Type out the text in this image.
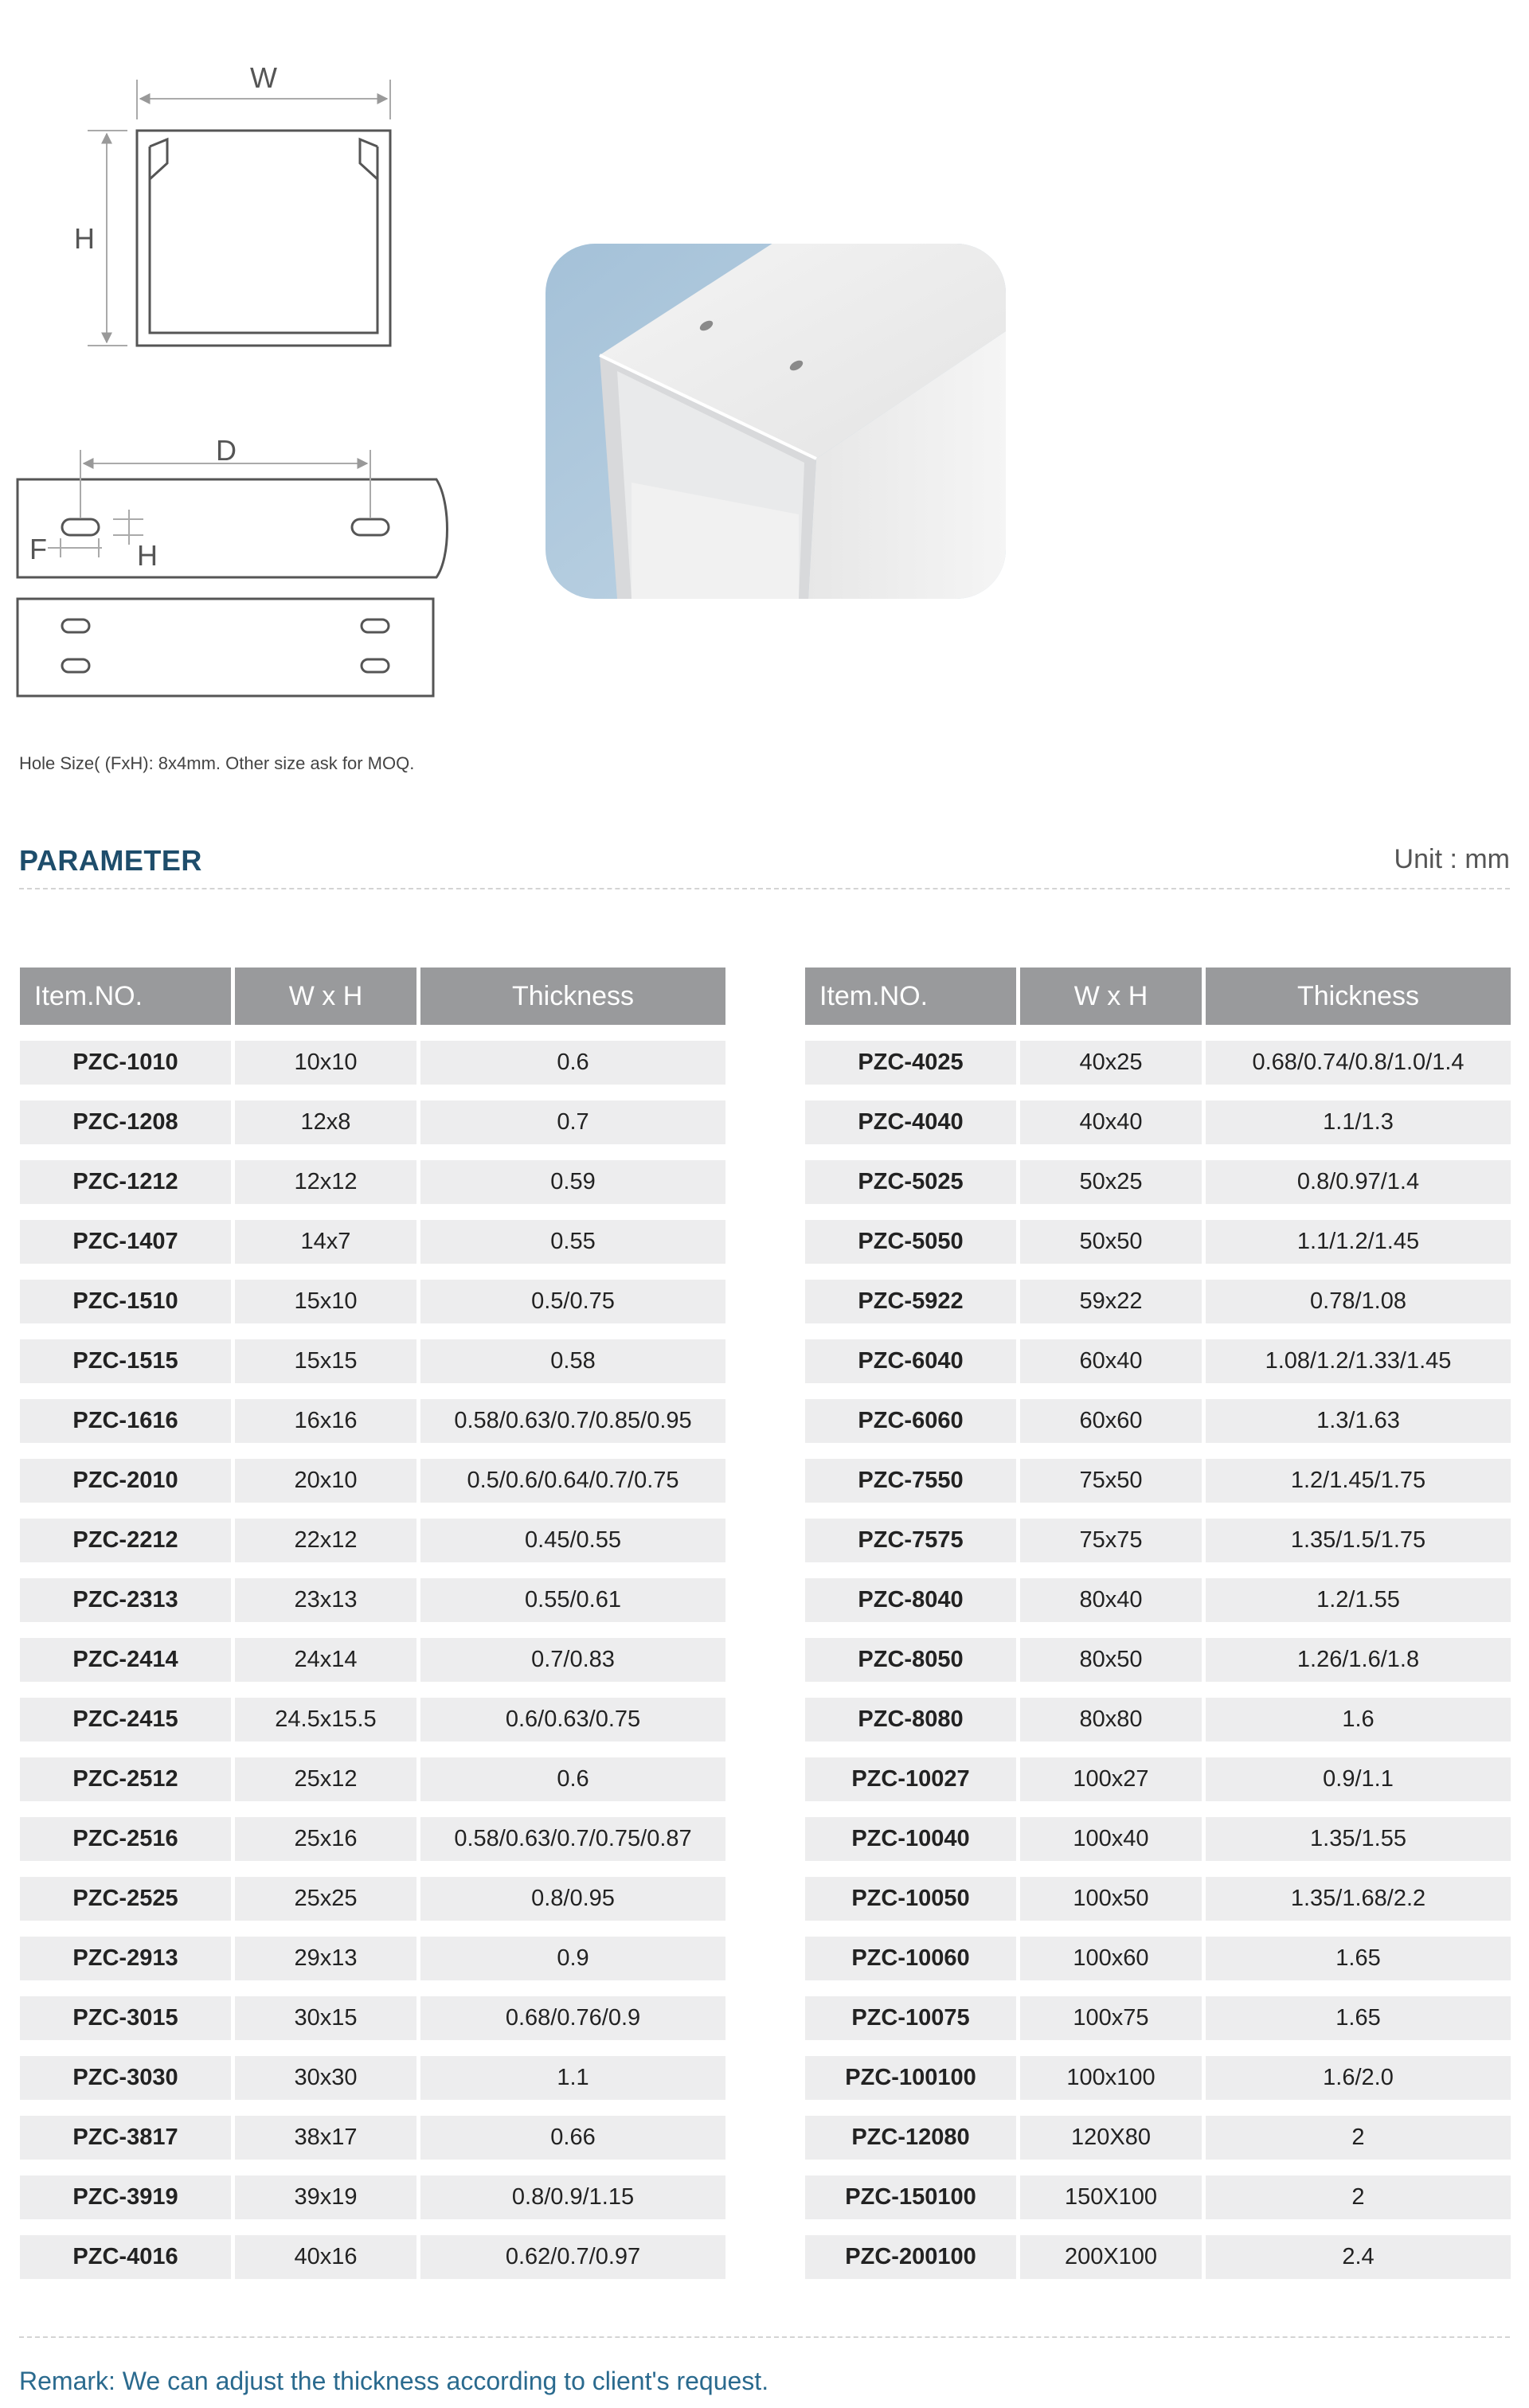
W
H
D
F	H
Hole Size( (FxH): 8x4mm. Other size ask for MOQ.
PARAMETER	Unit : mm
Item.NO.	W x H	Thickness
PZC-1010	10x10	0.6
PZC-1208	12x8	0.7
PZC-1212	12x12	0.59
PZC-1407	14x7	0.55
PZC-1510	15x10	0.5/0.75
PZC-1515	15x15	0.58
PZC-1616	16x16	0.58/0.63/0.7/0.85/0.95
PZC-2010	20x10	0.5/0.6/0.64/0.7/0.75
PZC-2212	22x12	0.45/0.55
PZC-2313	23x13	0.55/0.61
PZC-2414	24x14	0.7/0.83
PZC-2415	24.5x15.5	0.6/0.63/0.75
PZC-2512	25x12	0.6
PZC-2516	25x16	0.58/0.63/0.7/0.75/0.87
PZC-2525	25x25	0.8/0.95
PZC-2913	29x13	0.9
PZC-3015	30x15	0.68/0.76/0.9
PZC-3030	30x30	1.1
PZC-3817	38x17	0.66
PZC-3919	39x19	0.8/0.9/1.15
PZC-4016	40x16	0.62/0.7/0.97
Item.NO.	W x H	Thickness
PZC-4025	40x25	0.68/0.74/0.8/1.0/1.4
PZC-4040	40x40	1.1/1.3
PZC-5025	50x25	0.8/0.97/1.4
PZC-5050	50x50	1.1/1.2/1.45
PZC-5922	59x22	0.78/1.08
PZC-6040	60x40	1.08/1.2/1.33/1.45
PZC-6060	60x60	1.3/1.63
PZC-7550	75x50	1.2/1.45/1.75
PZC-7575	75x75	1.35/1.5/1.75
PZC-8040	80x40	1.2/1.55
PZC-8050	80x50	1.26/1.6/1.8
PZC-8080	80x80	1.6
PZC-10027	100x27	0.9/1.1
PZC-10040	100x40	1.35/1.55
PZC-10050	100x50	1.35/1.68/2.2
PZC-10060	100x60	1.65
PZC-10075	100x75	1.65
PZC-100100	100x100	1.6/2.0
PZC-12080	120X80	2
PZC-150100	150X100	2
PZC-200100	200X100	2.4
Remark: We can adjust the thickness according to client's request.
